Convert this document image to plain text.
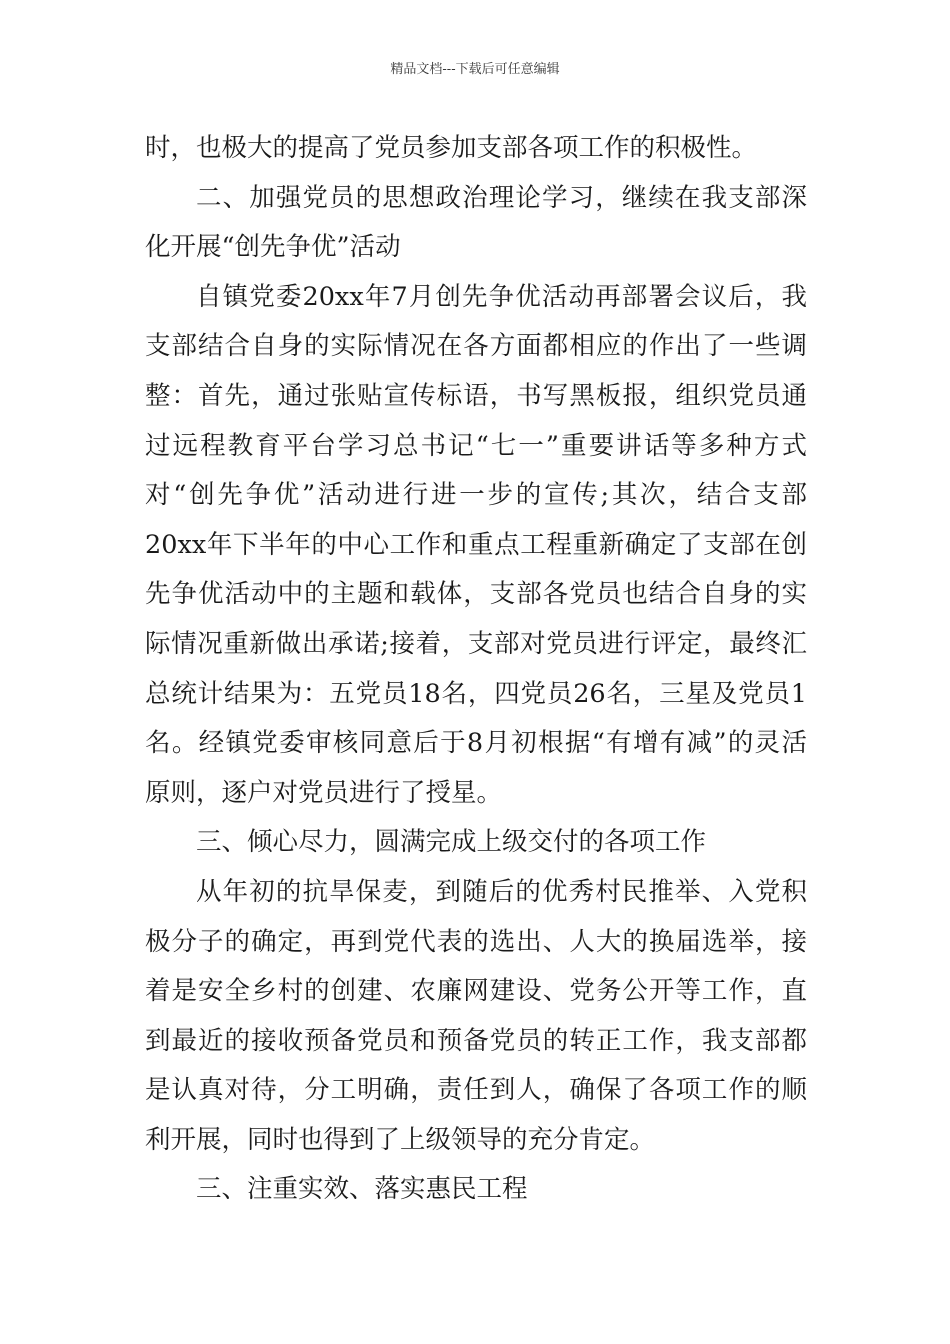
精品文档---下载后可任意编辑
时，也极大的提高了党员参加支部各项工作的积极性。
二、加强党员的思想政治理论学习，继续在我支部深
化开展“创先争优”活动
自镇党委20xx年7月创先争优活动再部署会议后，我
支部结合自身的实际情况在各方面都相应的作出了一些调
整：首先，通过张贴宣传标语，书写黑板报，组织党员通
过远程教育平台学习总书记“七一”重要讲话等多种方式
对“创先争优”活动进行进一步的宣传;其次，结合支部
20xx年下半年的中心工作和重点工程重新确定了支部在创
先争优活动中的主题和载体，支部各党员也结合自身的实
际情况重新做出承诺;接着，支部对党员进行评定，最终汇
总统计结果为：五党员18名，四党员26名，三星及党员1
名。经镇党委审核同意后于8月初根据“有增有减”的灵活
原则，逐户对党员进行了授星。
三、倾心尽力，圆满完成上级交付的各项工作
从年初的抗旱保麦，到随后的优秀村民推举、入党积
极分子的确定，再到党代表的选出、人大的换届选举，接
着是安全乡村的创建、农廉网建设、党务公开等工作，直
到最近的接收预备党员和预备党员的转正工作，我支部都
是认真对待，分工明确，责任到人，确保了各项工作的顺
利开展，同时也得到了上级领导的充分肯定。
三、注重实效、落实惠民工程
